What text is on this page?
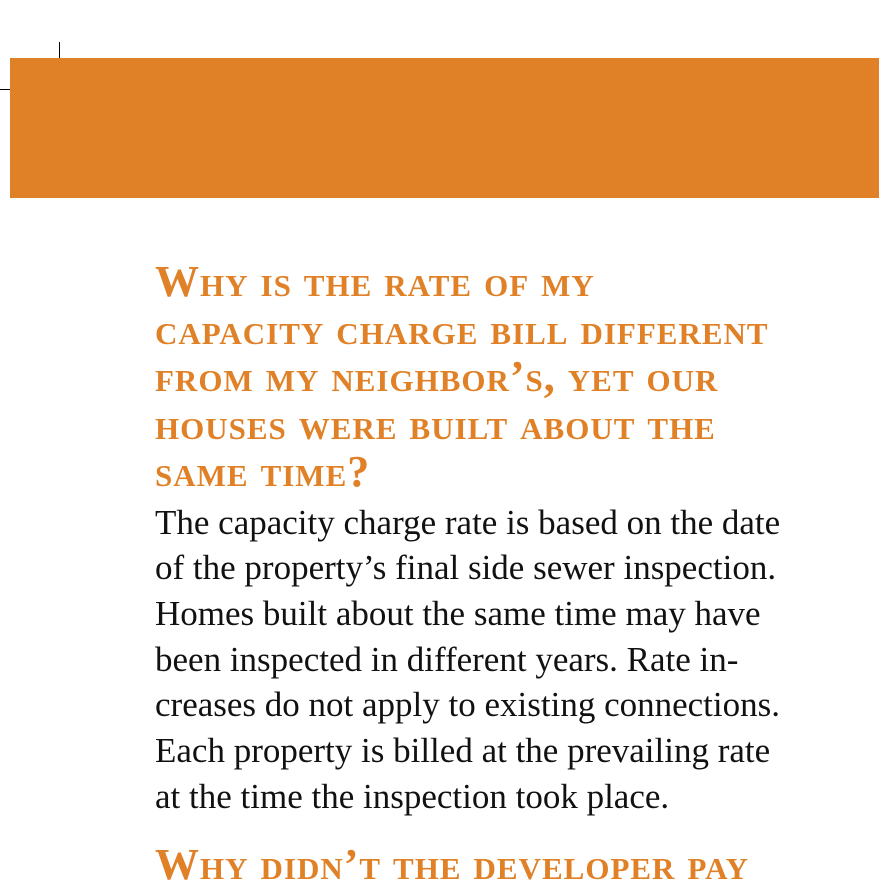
Why is the rate of my
capacity charge bill different
from my neighbor’s, yet our
houses were built about the
same time?

The capacity charge rate is based on the date
of the property’s final side sewer inspection.
Homes built about the same time may have
been inspected in different years. Rate in-
creases do not apply to existing connections.
Each property is billed at the prevailing rate
at the time the inspection took place.

Why didn’t the developer pay
